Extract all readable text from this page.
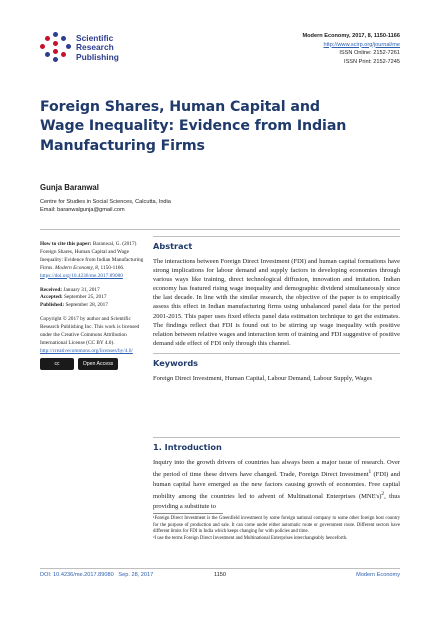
Scientific
Research
Publishing
Modern Economy, 2017, 8, 1150-1166
http://www.scirp.org/journal/me
ISSN Online: 2152-7261
ISSN Print: 2152-7245
Foreign Shares, Human Capital and Wage Inequality: Evidence from Indian Manufacturing Firms
Gunja Baranwal
Centre for Studies in Social Sciences, Calcutta, India
Email: baranwalgunja@gmail.com

How to cite this paper: Baranwal, G. (2017) Foreign Shares, Human Capital and Wage Inequality: Evidence from Indian Manufacturing Firms. Modern Economy, 8, 1150-1166. https://doi.org/10.4236/me.2017.89080

Received: January 31, 2017
Accepted: September 25, 2017
Published: September 28, 2017

Copyright © 2017 by author and Scientific Research Publishing Inc. This work is licensed under the Creative Commons Attribution International License (CC BY 4.0).
http://creativecommons.org/licenses/by/4.0/

cc	Open Access
Abstract
The interactions between Foreign Direct Investment (FDI) and human capital formations have strong implications for labour demand and supply factors in developing economies through various ways like training, direct technological diffusion, innovation and imitation. Indian economy has featured rising wage inequality and demographic dividend simultaneously since the last decade. In line with the similar research, the objective of the paper is to empirically assess this effect in Indian manufacturing firms using unbalanced panel data for the period 2001-2015. This paper uses fixed effects panel data estimation technique to get the estimates. The findings reflect that FDI is found out to be stirring up wage inequality with positive relation between relative wages and interaction term of training and FDI suggestive of positive demand side effect of FDI only through this channel.
Keywords
Foreign Direct Investment, Human Capital, Labour Demand, Labour Supply, Wages
1. Introduction
Inquiry into the growth drivers of countries has always been a major issue of research. Over the period of time these drivers have changed. Trade, Foreign Direct Investment$^1$ (FDI) and human capital have emerged as the new factors causing growth of economies. Free capital mobility among the countries led to advent of Multinational Enterprises $(MNE's)^2$, thus providing a substitute to
¹Foreign Direct Investment is the Greenfield investment by some foreign national company to some other foreign host country for the purpose of production and sale. It can come under either automatic route or government route. Different sectors have different limits for FDI in India which keeps changing for with policies and time.
²I use the terms Foreign Direct Investment and Multinational Enterprises interchangeably henceforth.
DOI: 10.4236/me.2017.89080 Sep. 28, 2017	1150	Modern Economy
